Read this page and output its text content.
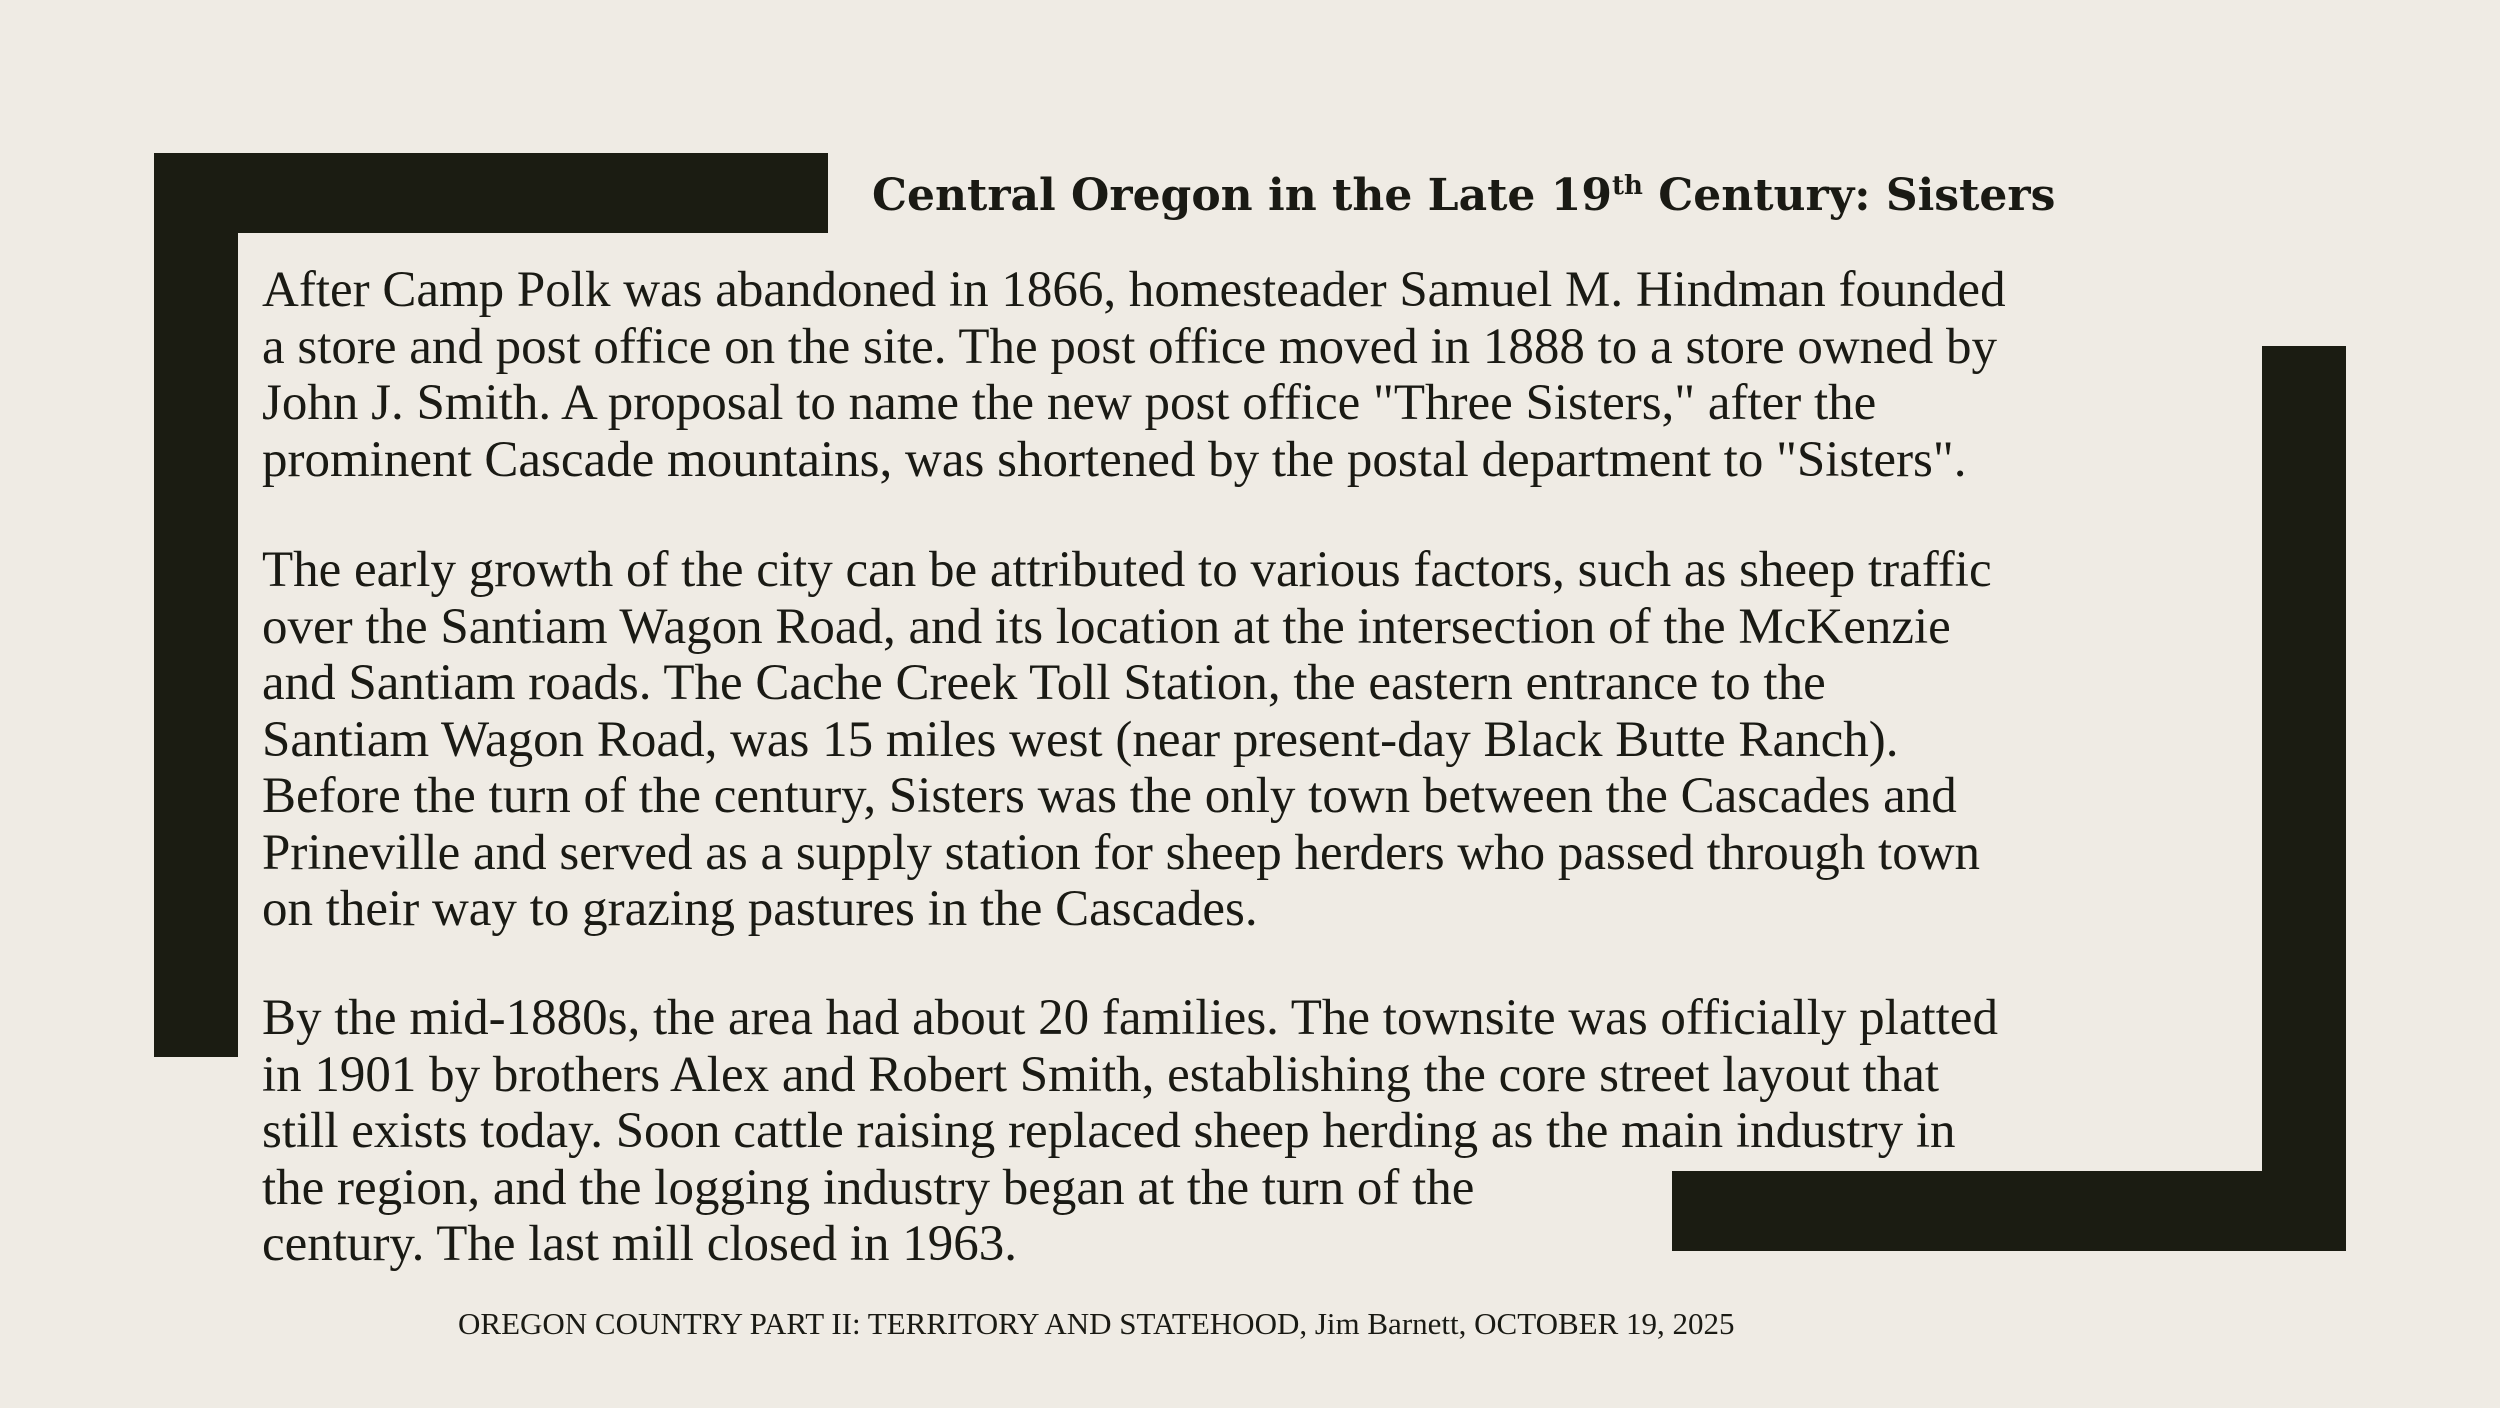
Central Oregon in the Late 19th Century: Sisters
After Camp Polk was abandoned in 1866, homesteader Samuel M. Hindman founded
a store and post office on the site. The post office moved in 1888 to a store owned by
John J. Smith. A proposal to name the new post office "Three Sisters," after the
prominent Cascade mountains, was shortened by the postal department to "Sisters".
The early growth of the city can be attributed to various factors, such as sheep traffic
over the Santiam Wagon Road, and its location at the intersection of the McKenzie
and Santiam roads. The Cache Creek Toll Station, the eastern entrance to the
Santiam Wagon Road, was 15 miles west (near present-day Black Butte Ranch).
Before the turn of the century, Sisters was the only town between the Cascades and
Prineville and served as a supply station for sheep herders who passed through town
on their way to grazing pastures in the Cascades.
By the mid-1880s, the area had about 20 families. The townsite was officially platted
in 1901 by brothers Alex and Robert Smith, establishing the core street layout that
still exists today. Soon cattle raising replaced sheep herding as the main industry in
the region, and the logging industry began at the turn of the
century. The last mill closed in 1963.
OREGON COUNTRY PART II: TERRITORY AND STATEHOOD, Jim Barnett, OCTOBER 19, 2025
